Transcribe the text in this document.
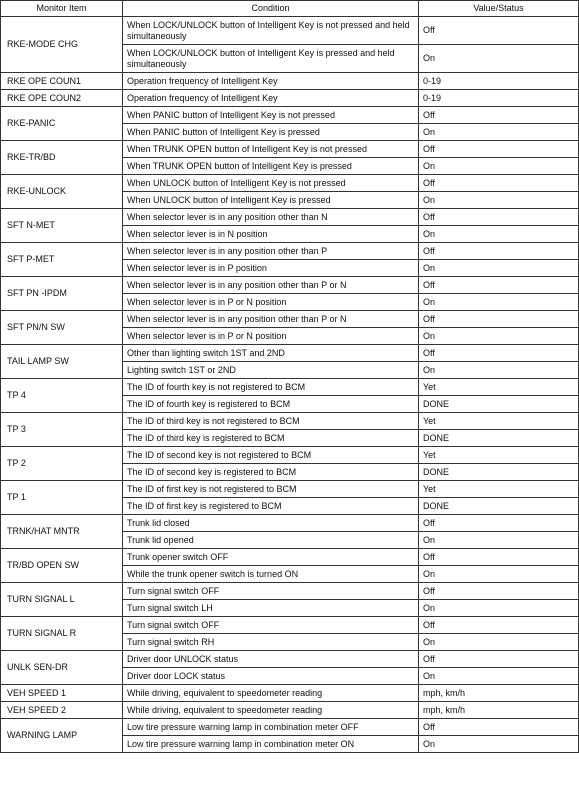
Monitor Item	Condition	Value/Status
RKE-MODE CHG	When LOCK/UNLOCK button of Intelligent Key is not pressed and held simultaneously	Off
	When LOCK/UNLOCK button of Intelligent Key is pressed and held simultaneously	On
RKE OPE COUN1	Operation frequency of Intelligent Key	0-19
RKE OPE COUN2	Operation frequency of Intelligent Key	0-19
RKE-PANIC	When PANIC button of Intelligent Key is not pressed	Off
	When PANIC button of Intelligent Key is pressed	On
RKE-TR/BD	When TRUNK OPEN button of Intelligent Key is not pressed	Off
	When TRUNK OPEN button of Intelligent Key is pressed	On
RKE-UNLOCK	When UNLOCK button of Intelligent Key is not pressed	Off
	When UNLOCK button of Intelligent Key is pressed	On
SFT N-MET	When selector lever is in any position other than N	Off
	When selector lever is in N position	On
SFT P-MET	When selector lever is in any position other than P	Off
	When selector lever is in P position	On
SFT PN -IPDM	When selector lever is in any position other than P or N	Off
	When selector lever is in P or N position	On
SFT PN/N SW	When selector lever is in any position other than P or N	Off
	When selector lever is in P or N position	On
TAIL LAMP SW	Other than lighting switch 1ST and 2ND	Off
	Lighting switch 1ST or 2ND	On
TP 4	The ID of fourth key is not registered to BCM	Yet
	The ID of fourth key is registered to BCM	DONE
TP 3	The ID of third key is not registered to BCM	Yet
	The ID of third key is registered to BCM	DONE
TP 2	The ID of second key is not registered to BCM	Yet
	The ID of second key is registered to BCM	DONE
TP 1	The ID of first key is not registered to BCM	Yet
	The ID of first key is registered to BCM	DONE
TRNK/HAT MNTR	Trunk lid closed	Off
	Trunk lid opened	On
TR/BD OPEN SW	Trunk opener switch OFF	Off
	While the trunk opener switch is turned ON	On
TURN SIGNAL L	Turn signal switch OFF	Off
	Turn signal switch LH	On
TURN SIGNAL R	Turn signal switch OFF	Off
	Turn signal switch RH	On
UNLK SEN-DR	Driver door UNLOCK status	Off
	Driver door LOCK status	On
VEH SPEED 1	While driving, equivalent to speedometer reading	mph, km/h
VEH SPEED 2	While driving, equivalent to speedometer reading	mph, km/h
WARNING LAMP	Low tire pressure warning lamp in combination meter OFF	Off
	Low tire pressure warning lamp in combination meter ON	On
